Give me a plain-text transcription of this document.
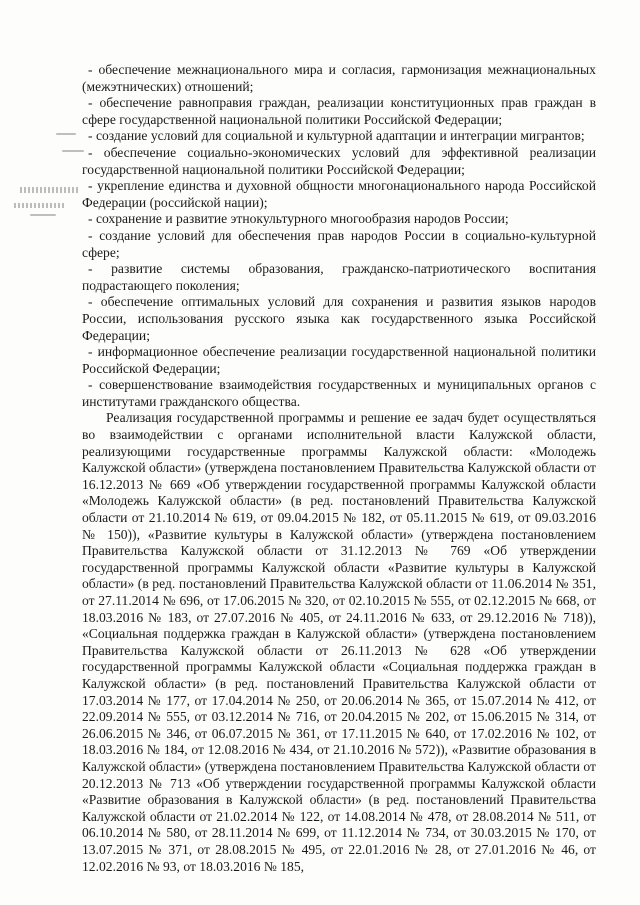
- обеспечение межнационального мира и согласия, гармонизация межнациональных (межэтнических) отношений;
- обеспечение равноправия граждан, реализации конституционных прав граждан в сфере государственной национальной политики Российской Федерации;
- создание условий для социальной и культурной адаптации и интеграции мигрантов;
- обеспечение социально-экономических условий для эффективной реализации государственной национальной политики Российской Федерации;
- укрепление единства и духовной общности многонационального народа Российской Федерации (российской нации);
- сохранение и развитие этнокультурного многообразия народов России;
- создание условий для обеспечения прав народов России в социально-культурной сфере;
- развитие системы образования, гражданско-патриотического воспитания подрастающего поколения;
- обеспечение оптимальных условий для сохранения и развития языков народов России, использования русского языка как государственного языка Российской Федерации;
- информационное обеспечение реализации государственной национальной политики Российской Федерации;
- совершенствование взаимодействия государственных и муниципальных органов с институтами гражданского общества.

Реализация государственной программы и решение ее задач будет осуществляться во взаимодействии с органами исполнительной власти Калужской области, реализующими государственные программы Калужской области: «Молодежь Калужской области» (утверждена постановлением Правительства Калужской области от 16.12.2013 № 669 «Об утверждении государственной программы Калужской области «Молодежь Калужской области» (в ред. постановлений Правительства Калужской области от 21.10.2014 № 619, от 09.04.2015 № 182, от 05.11.2015 № 619, от 09.03.2016 № 150)), «Развитие культуры в Калужской области» (утверждена постановлением Правительства Калужской области от 31.12.2013 № 769 «Об утверждении государственной программы Калужской области «Развитие культуры в Калужской области» (в ред. постановлений Правительства Калужской области от 11.06.2014 № 351, от 27.11.2014 № 696, от 17.06.2015 № 320, от 02.10.2015 № 555, от 02.12.2015 № 668, от 18.03.2016 № 183, от 27.07.2016 № 405, от 24.11.2016 № 633, от 29.12.2016 № 718)), «Социальная поддержка граждан в Калужской области» (утверждена постановлением Правительства Калужской области от 26.11.2013 № 628 «Об утверждении государственной программы Калужской области «Социальная поддержка граждан в Калужской области» (в ред. постановлений Правительства Калужской области от 17.03.2014 № 177, от 17.04.2014 № 250, от 20.06.2014 № 365, от 15.07.2014 № 412, от 22.09.2014 № 555, от 03.12.2014 № 716, от 20.04.2015 № 202, от 15.06.2015 № 314, от 26.06.2015 № 346, от 06.07.2015 № 361, от 17.11.2015 № 640, от 17.02.2016 № 102, от 18.03.2016 № 184, от 12.08.2016 № 434, от 21.10.2016 № 572)), «Развитие образования в Калужской области» (утверждена постановлением Правительства Калужской области от 20.12.2013 № 713 «Об утверждении государственной программы Калужской области «Развитие образования в Калужской области» (в ред. постановлений Правительства Калужской области от 21.02.2014 № 122, от 14.08.2014 № 478, от 28.08.2014 № 511, от 06.10.2014 № 580, от 28.11.2014 № 699, от 11.12.2014 № 734, от 30.03.2015 № 170, от 13.07.2015 № 371, от 28.08.2015 № 495, от 22.01.2016 № 28, от 27.01.2016 № 46, от 12.02.2016 № 93, от 18.03.2016 № 185,
